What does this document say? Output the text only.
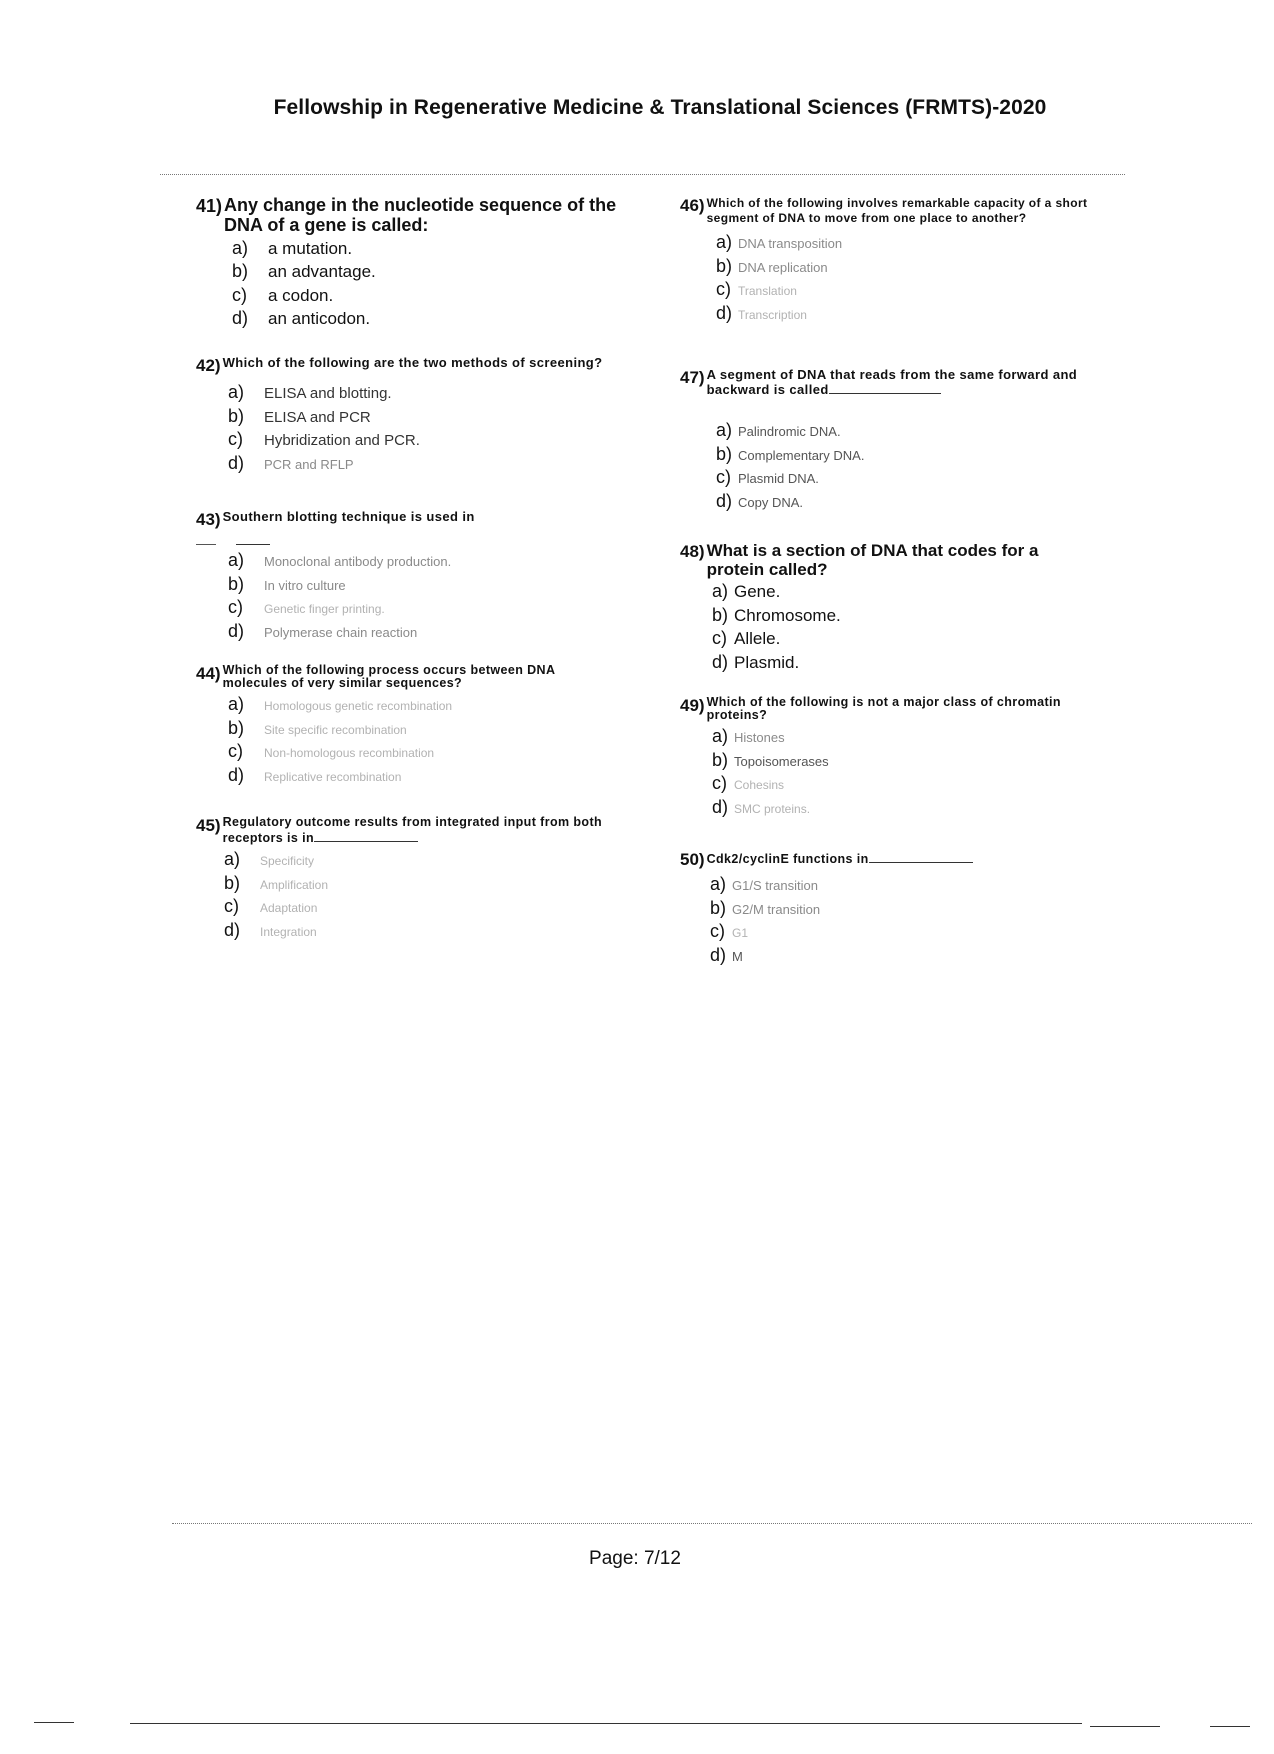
Fellowship in Regenerative Medicine & Translational Sciences (FRMTS)-2020
41) Any change in the nucleotide sequence of the DNA of a gene is called:
a)	a mutation.
b)	an advantage.
c)	a codon.
d)	an anticodon.
42) Which of the following are the two methods of screening?
a)	ELISA and blotting.
b)	ELISA and PCR
c)	Hybridization and PCR.
d)	PCR and RFLP
43) Southern blotting technique is used in
a)	Monoclonal antibody production.
b)	In vitro culture
c)	Genetic finger printing.
d)	Polymerase chain reaction
44) Which of the following process occurs between DNA molecules of very similar sequences?
a)	Homologous genetic recombination
b)	Site specific recombination
c)	Non-homologous recombination
d)	Replicative recombination
45) Regulatory outcome results from integrated input from both receptors is in
a)	Specificity
b)	Amplification
c)	Adaptation
d)	Integration
46) Which of the following involves remarkable capacity of a short segment of DNA to move from one place to another?
a) DNA transposition
b) DNA replication
c) Translation
d) Transcription
47) A segment of DNA that reads from the same forward and backward is called
a) Palindromic DNA.
b) Complementary DNA.
c) Plasmid DNA.
d) Copy DNA.
48) What is a section of DNA that codes for a protein called?
a) Gene.
b) Chromosome.
c) Allele.
d) Plasmid.
49) Which of the following is not a major class of chromatin proteins?
a) Histones
b) Topoisomerases
c) Cohesins
d) SMC proteins.
50) Cdk2/cyclinE functions in
a) G1/S transition
b) G2/M transition
c) G1
d) M
Page: 7/12
